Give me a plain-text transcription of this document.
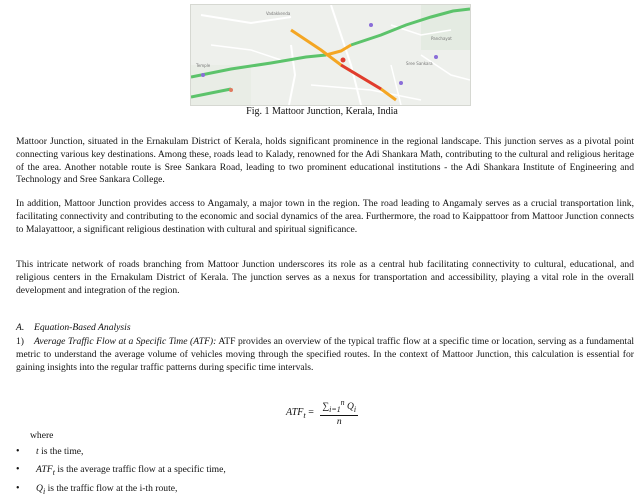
Vadakkenda
Panchayat
Temple	Sree Sankara
Fig. 1 Mattoor Junction, Kerala, India

Mattoor Junction, situated in the Ernakulam District of Kerala, holds significant prominence in the regional landscape. This junction serves as a pivotal point connecting various key destinations. Among these, roads lead to Kalady, renowned for the Adi Shankara Math, contributing to the cultural and religious heritage of the area. Another notable route is Sree Sankara Road, leading to two prominent educational institutions - the Adi Shankara Institute of Engineering and Technology and Sree Sankara College.

In addition, Mattoor Junction provides access to Angamaly, a major town in the region. The road leading to Angamaly serves as a crucial transportation link, facilitating connectivity and contributing to the economic and social dynamics of the area. Furthermore, the road to Kaippattoor from Mattoor Junction connects to Malayattoor, a significant religious destination with cultural and spiritual significance.

This intricate network of roads branching from Mattoor Junction underscores its role as a central hub facilitating connectivity to cultural, educational, and religious centers in the Ernakulam District of Kerala. The junction serves as a nexus for transportation and accessibility, playing a vital role in the overall development and integration of the region.

A. Equation-Based Analysis
1) Average Traffic Flow at a Specific Time (ATF): ATF provides an overview of the typical traffic flow at a specific time or location, serving as a fundamental metric to understand the average volume of vehicles moving through the specified routes. In the context of Mattoor Junction, this calculation is essential for gaining insights into the regular traffic patterns during specific time intervals.
$ATF_t = \frac{\sum_{i=1}^n Q_i}{n}$
where
• t is the time,
• $ATF_t$ is the average traffic flow at a specific time,
• $Q_i$ is the traffic flow at the i-th route,
